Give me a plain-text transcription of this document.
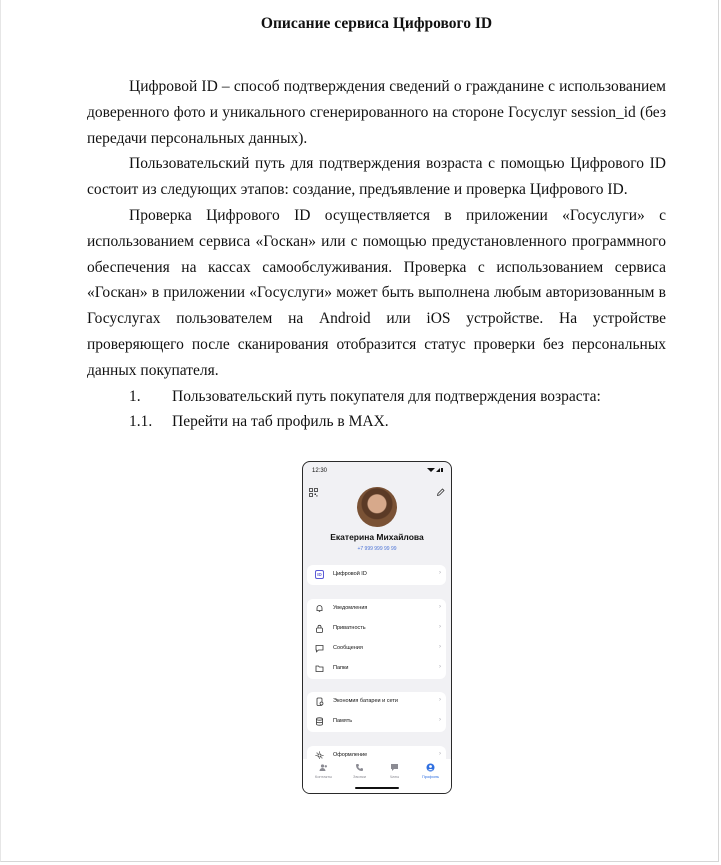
Описание сервиса Цифрового ID

Цифровой ID – способ подтверждения сведений о гражданине с использованием доверенного фото и уникального сгенерированного на стороне Госуслуг session_id (без передачи персональных данных).

Пользовательский путь для подтверждения возраста с помощью Цифрового ID состоит из следующих этапов: создание, предъявление и проверка Цифрового ID.

Проверка Цифрового ID осуществляется в приложении «Госуслуги» с использованием сервиса «Госкан» или с помощью предустановленного программного обеспечения на кассах самообслуживания. Проверка с использованием сервиса «Госкан» в приложении «Госуслуги» может быть выполнена любым авторизованным в Госуслугах пользователем на Android или iOS устройстве. На устройстве проверяющего после сканирования отобразится статус проверки без персональных данных покупателя.

1. Пользовательский путь покупателя для подтверждения возраста:

1.1. Перейти на таб профиль в MAX.

12:30
Екатерина Михайлова
+7 999 999 99 99
ID	Цифровой ID	›
Уведомления	›
Приватность	›
Сообщения	›
Папки	›
Экономия батареи и сети	›
Память	›
Оформление	›
Контакты	Звонки	Чаты	Профиль
